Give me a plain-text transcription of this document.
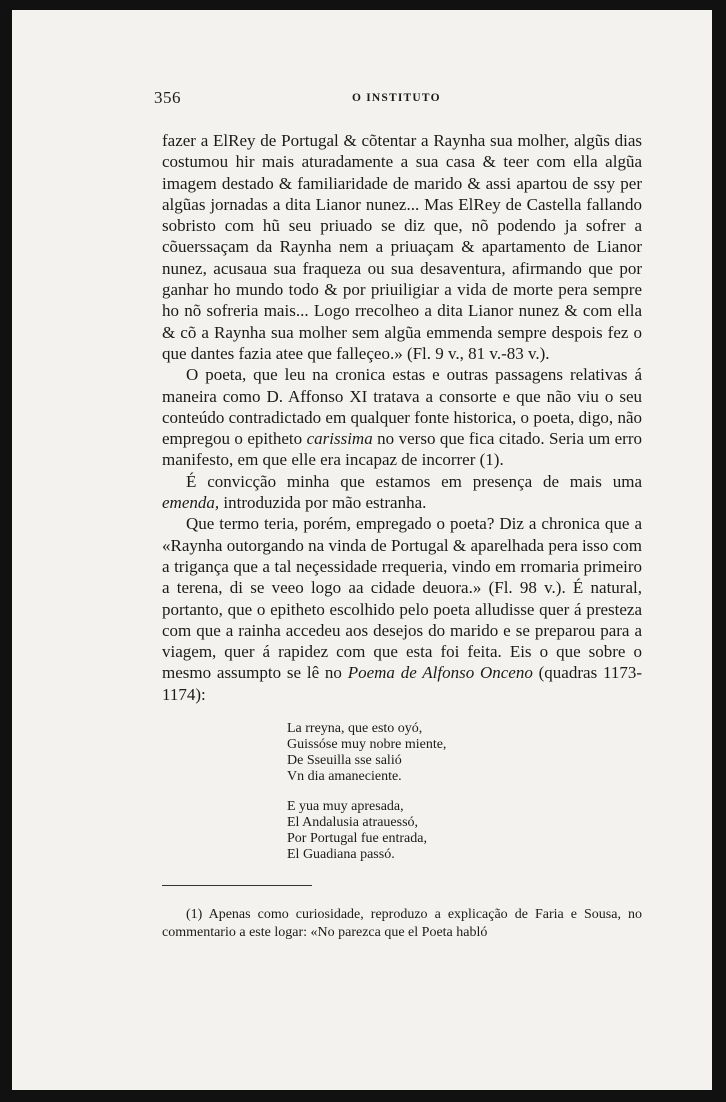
356	O INSTITUTO

fazer a ElRey de Portugal & cõtentar a Raynha sua molher, algũs dias costumou hir mais aturadamente a sua casa & teer com ella algũa imagem destado & familiaridade de marido & assi apartou de ssy per algũas jornadas a dita Lianor nunez... Mas ElRey de Castella fallando sobristo com hũ seu priuado se diz que, nõ podendo ja sofrer a cõuerssaçam da Raynha nem a priuaçam & apartamento de Lianor nunez, acusaua sua fraqueza ou sua desaventura, afirmando que por ganhar ho mundo todo & por priuiligiar a vida de morte pera sempre ho nõ sofreria mais... Logo rrecolheo a dita Lianor nunez & com ella & cõ a Raynha sua molher sem algũa emmenda sempre despois fez o que dantes fazia atee que falleçeo.» (Fl. 9 v., 81 v.-83 v.).

O poeta, que leu na cronica estas e outras passagens relativas á maneira como D. Affonso XI tratava a consorte e que não viu o seu conteúdo contradictado em qualquer fonte historica, o poeta, digo, não empregou o epitheto carissima no verso que fica citado. Seria um erro manifesto, em que elle era incapaz de incorrer (1).

É convicção minha que estamos em presença de mais uma emenda, introduzida por mão estranha.

Que termo teria, porém, empregado o poeta? Diz a chronica que a «Raynha outorgando na vinda de Portugal & aparelhada pera isso com a trigança que a tal neçessidade rrequeria, vindo em rromaria primeiro a terena, di se veeo logo aa cidade deuora.» (Fl. 98 v.). É natural, portanto, que o epitheto escolhido pelo poeta alludisse quer á presteza com que a rainha accedeu aos desejos do marido e se preparou para a viagem, quer á rapidez com que esta foi feita. Eis o que sobre o mesmo assumpto se lê no Poema de Alfonso Onceno (quadras 1173-1174):

La rreyna, que esto oyó,
Guissóse muy nobre miente,
De Sseuilla sse salió
Vn dia amaneciente.
E yua muy apresada,
El Andalusia atrauessó,
Por Portugal fue entrada,
El Guadiana passó.

(1) Apenas como curiosidade, reproduzo a explicação de Faria e Sousa, no commentario a este logar: «No parezca que el Poeta habló
